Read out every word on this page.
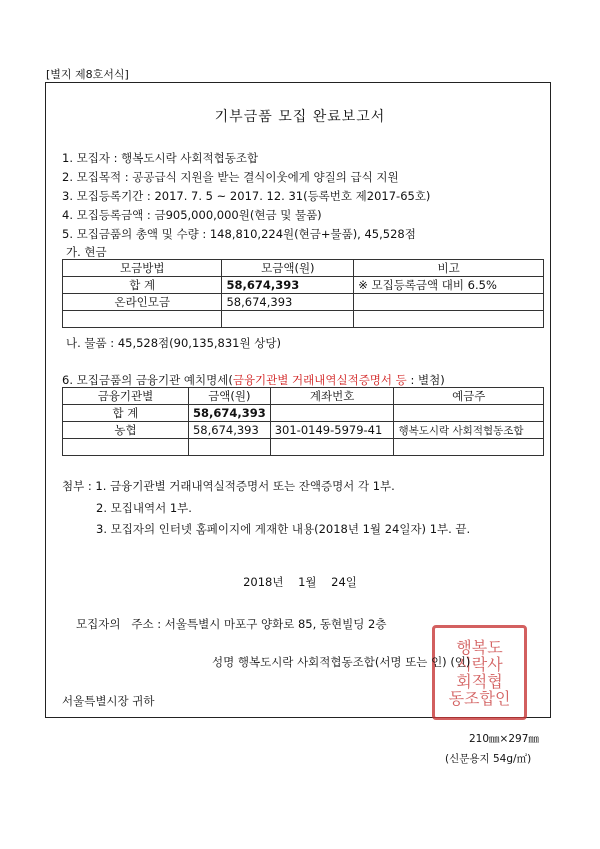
[별지 제8호서식]
기부금품 모집 완료보고서
1. 모집자 : 행복도시락 사회적협동조합
2. 모집목적 : 공공급식 지원을 받는 결식이웃에게 양질의 급식 지원
3. 모집등록기간 : 2017. 7. 5 ~ 2017. 12. 31(등록번호 제2017-65호)
4. 모집등록금액 : 금905,000,000원(현금 및 물품)
5. 모집금품의 총액 및 수량 : 148,810,224원(현금+물품), 45,528점
가. 현금
모금방법	모금액(원)	비고
합 계	58,674,393	※ 모집등록금액 대비 6.5%
온라인모금	58,674,393	

나. 물품 : 45,528점(90,135,831원 상당)
6. 모집금품의 금융기관 예치명세(금융기관별 거래내역실적증명서 등 : 별첨)
금융기관별	금액(원)	계좌번호	예금주
합 계	58,674,393		
농협	58,674,393	301-0149-5979-41	행복도시락 사회적협동조합

첨부 : 1. 금융기관별 거래내역실적증명서 또는 잔액증명서 각 1부.
2. 모집내역서 1부.
3. 모집자의 인터넷 홈페이지에 게재한 내용(2018년 1월 24일자) 1부. 끝.
2018년    1월    24일
모집자의   주소 : 서울특별시 마포구 양화로 85, 동현빌딩 2층
행복도
시락사
회적협
동조합인
성명 행복도시락 사회적협동조합(서명 또는 인) (인)
서울특별시장 귀하
210㎜×297㎜
(신문용지 54g/㎡)
